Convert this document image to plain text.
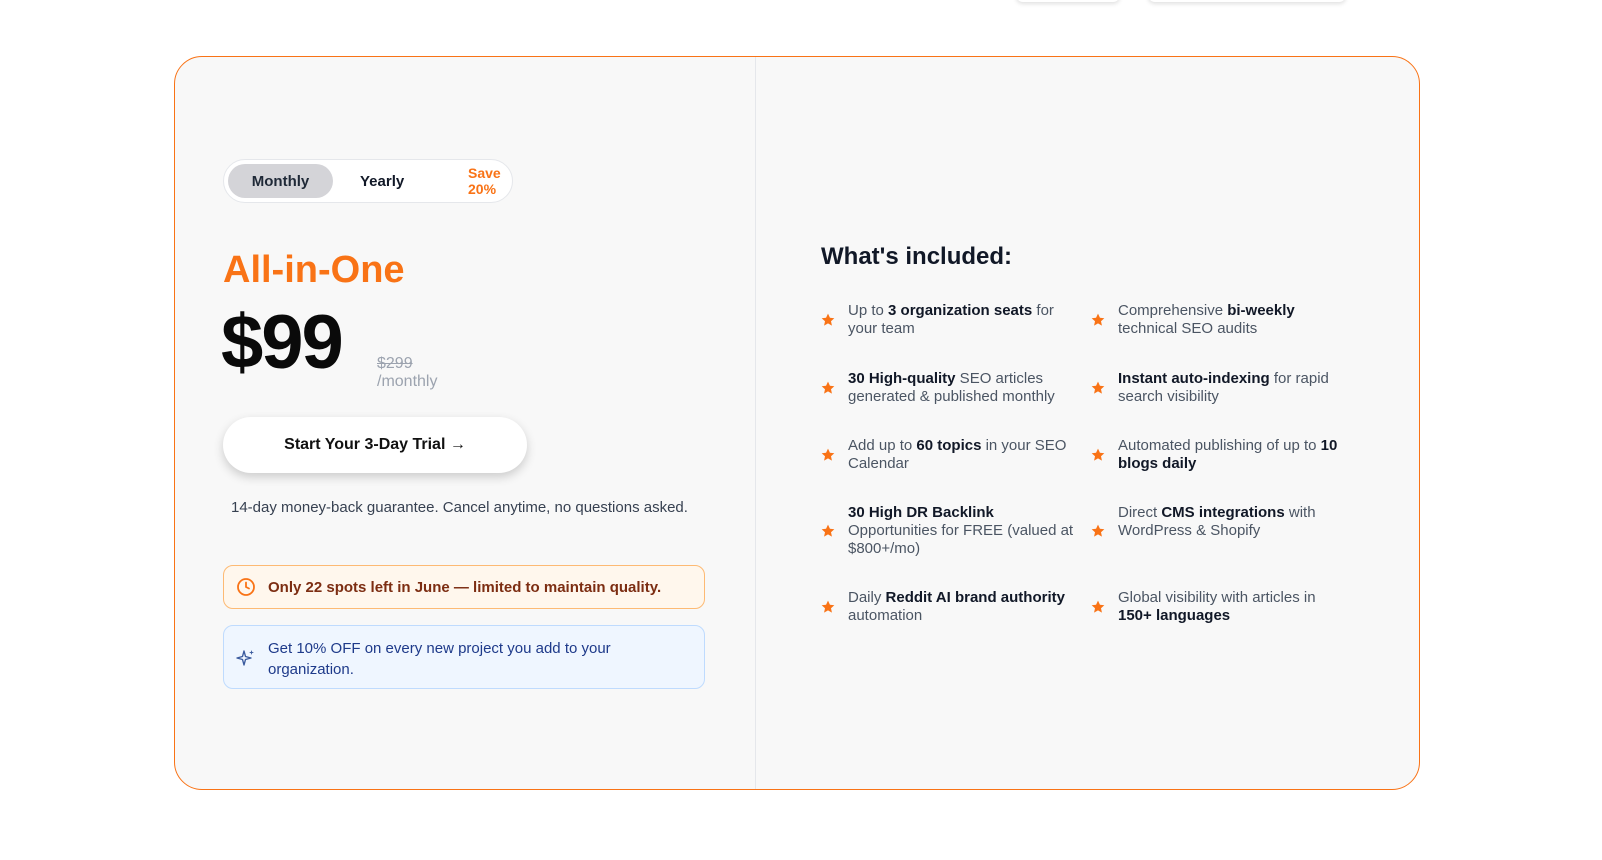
Monthly	Yearly	Save 20%
All-in-One
$99 $299
/monthly
Start Your 3-Day Trial →
14-day money-back guarantee. Cancel anytime, no questions asked.
Only 22 spots left in June — limited to maintain quality.
Get 10% OFF on every new project you add to your organization.
What's included:
Up to 3 organization seats for your team
Comprehensive bi-weekly technical SEO audits
30 High-quality SEO articles generated & published monthly
Instant auto-indexing for rapid search visibility
Add up to 60 topics in your SEO Calendar
Automated publishing of up to 10 blogs daily
30 High DR Backlink Opportunities for FREE (valued at $800+/mo)
Direct CMS integrations with WordPress & Shopify
Daily Reddit AI brand authority automation
Global visibility with articles in 150+ languages
